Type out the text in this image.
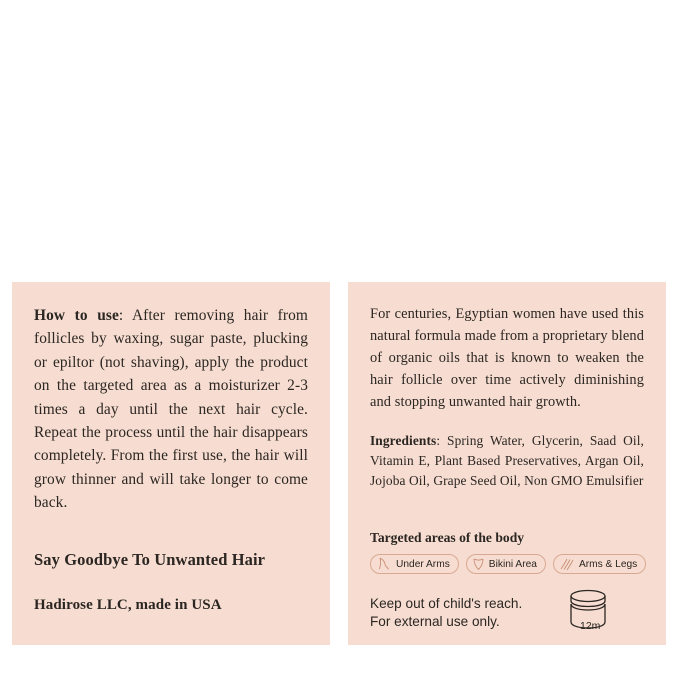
How to use: After removing hair from follicles by waxing, sugar paste, plucking or epiltor (not shaving), apply the product on the targeted area as a moisturizer 2-3 times a day until the next hair cycle. Repeat the process until the hair disappears completely. From the first use, the hair will grow thinner and will take longer to come back.

Say Goodbye To Unwanted Hair
Hadirose LLC, made in USA

For centuries, Egyptian women have used this natural formula made from a proprietary blend of organic oils that is known to weaken the hair follicle over time actively diminishing and stopping unwanted hair growth.

Ingredients: Spring Water, Glycerin, Saad Oil, Vitamin E, Plant Based Preservatives, Argan Oil, Jojoba Oil, Grape Seed Oil, Non GMO Emulsifier

Targeted areas of the body
Under Arms	Bikini Area	Arms & Legs
Keep out of child's reach.
For external use only.	12m
